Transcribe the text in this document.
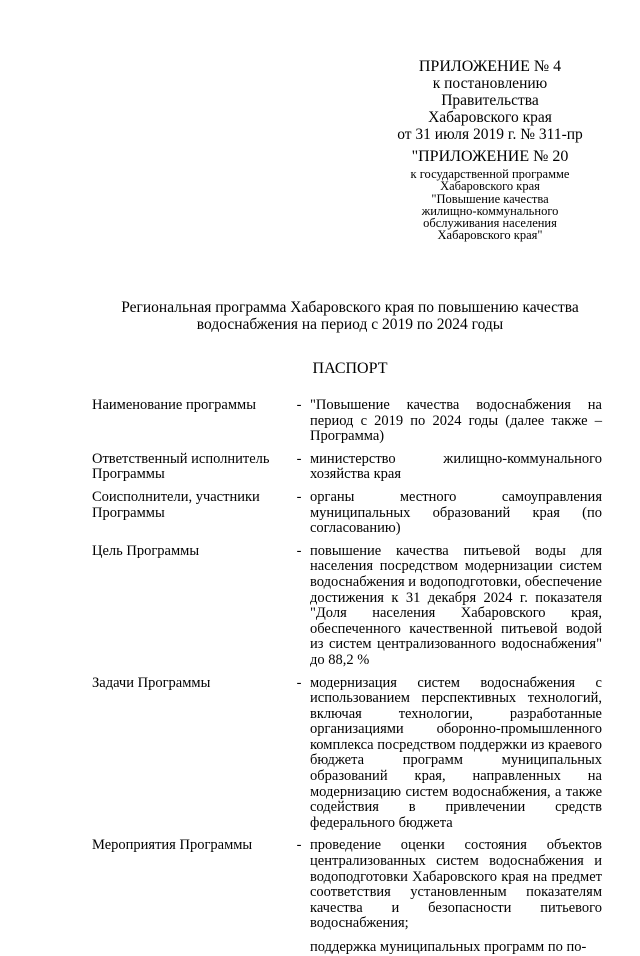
ПРИЛОЖЕНИЕ № 4
к постановлению
Правительства
Хабаровского края
от 31 июля 2019 г. № 311-пр
"ПРИЛОЖЕНИЕ № 20
к государственной программе
Хабаровского края
"Повышение качества
жилищно-коммунального
обслуживания населения
Хабаровского края"
Региональная программа Хабаровского края по повышению качества
водоснабжения на период с 2019 по 2024 годы
ПАСПОРТ
Наименование программы	- "Повышение качества водоснабжения на период с 2019 по 2024 годы (далее также – Программа)
Ответственный исполнитель Программы
- министерство жилищно-коммунального хозяйства края
Соисполнители, участники Программы
- органы местного самоуправления муниципальных образований края (по согласованию)
Цель Программы	- повышение качества питьевой воды для населения посредством модернизации систем водоснабжения и водоподготовки, обеспечение достижения к 31 декабря 2024 г. показателя "Доля населения Хабаровского края, обеспеченного качественной питьевой водой из систем централизованного водоснабжения" до 88,2 %
Задачи Программы	- модернизация систем водоснабжения с использованием перспективных технологий, включая технологии, разработанные организациями оборонно-промышленного комплекса посредством поддержки из краевого бюджета программ муниципальных образований края, направленных на модернизацию систем водоснабжения, а также содействия в привлечении средств федерального бюджета
Мероприятия Программы	- проведение оценки состояния объектов централизованных систем водоснабжения и водоподготовки Хабаровского края на предмет соответствия установленным показателям качества и безопасности питьевого водоснабжения;
поддержка муниципальных программ по по-
